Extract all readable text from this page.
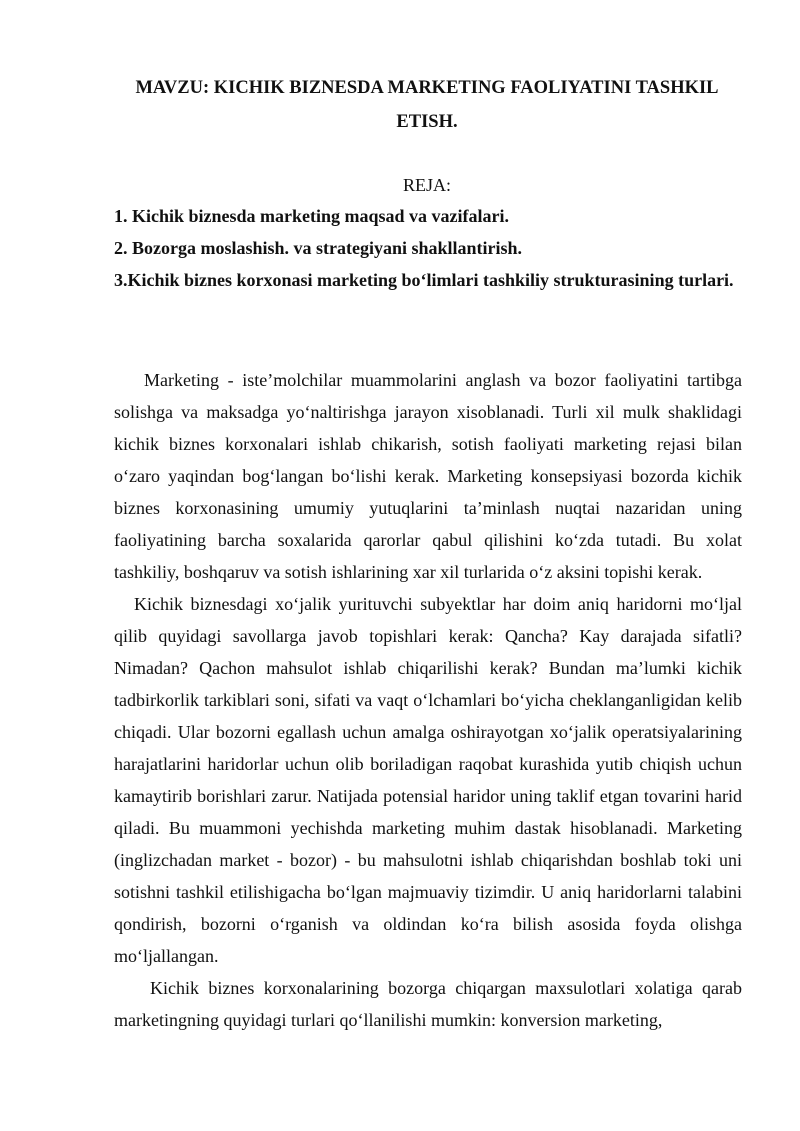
MAVZU: KICHIK BIZNESDA MARKETING FAOLIYATINI TASHKIL
ETISH.

REJA:

1. Kichik biznesda marketing maqsad va vazifalari.
2. Bozorga moslashish. va strategiyani shakllantirish.
3.Kichik biznes korxonasi marketing bo‘limlari tashkiliy strukturasining turlari.

Marketing - iste’molchilar muammolarini anglash va bozor faoliyatini tartibga solishga va maksadga yo‘naltirishga jarayon xisoblanadi. Turli xil mulk shaklidagi kichik biznes korxonalari ishlab chikarish, sotish faoliyati marketing rejasi bilan o‘zaro yaqindan bog‘langan bo‘lishi kerak. Marketing konsepsiyasi bozorda kichik biznes korxonasining umumiy yutuqlarini ta’minlash nuqtai nazaridan uning faoliyatining barcha soxalarida qarorlar qabul qilishini ko‘zda tutadi. Bu xolat tashkiliy, boshqaruv va sotish ishlarining xar xil turlarida o‘z aksini topishi kerak.

Kichik biznesdagi xo‘jalik yurituvchi subyektlar har doim aniq haridorni mo‘ljal qilib quyidagi savollarga javob topishlari kerak: Qancha? Kay darajada sifatli? Nimadan? Qachon mahsulot ishlab chiqarilishi kerak? Bundan ma’lumki kichik tadbirkorlik tarkiblari soni, sifati va vaqt o‘lchamlari bo‘yicha cheklanganligidan kelib chiqadi. Ular bozorni egallash uchun amalga oshirayotgan xo‘jalik operatsiyalarining harajatlarini haridorlar uchun olib boriladigan raqobat kurashida yutib chiqish uchun kamaytirib borishlari zarur. Natijada potensial haridor uning taklif etgan tovarini harid qiladi. Bu muammoni yechishda marketing muhim dastak hisoblanadi. Marketing (inglizchadan market - bozor) - bu mahsulotni ishlab chiqarishdan boshlab toki uni sotishni tashkil etilishigacha bo‘lgan majmuaviy tizimdir. U aniq haridorlarni talabini qondirish, bozorni o‘rganish va oldindan ko‘ra bilish asosida foyda olishga mo‘ljallangan.

Kichik biznes korxonalarining bozorga chiqargan maxsulotlari xolatiga qarab marketingning quyidagi turlari qo‘llanilishi mumkin: konversion marketing,
